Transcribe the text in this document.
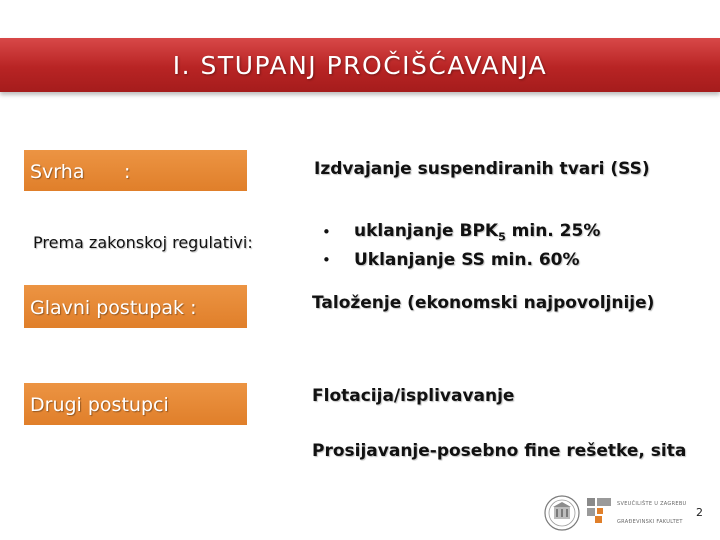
I. STUPANJ PROČIŠĆAVANJA
Svrha :	Izdvajanje suspendiranih tvari (SS)
Prema zakonskoj regulativi:
• uklanjanje $BPK_5$ min. 25%
• Uklanjanje SS min. 60%
Glavni postupak :	Taloženje (ekonomski najpovoljnije)
Drugi postupci	Flotacija/isplivavanje
Prosijavanje-posebno fine rešetke, sita
SVEUČILIŠTE U ZAGREBU
GRAĐEVINSKI FAKULTET
2
